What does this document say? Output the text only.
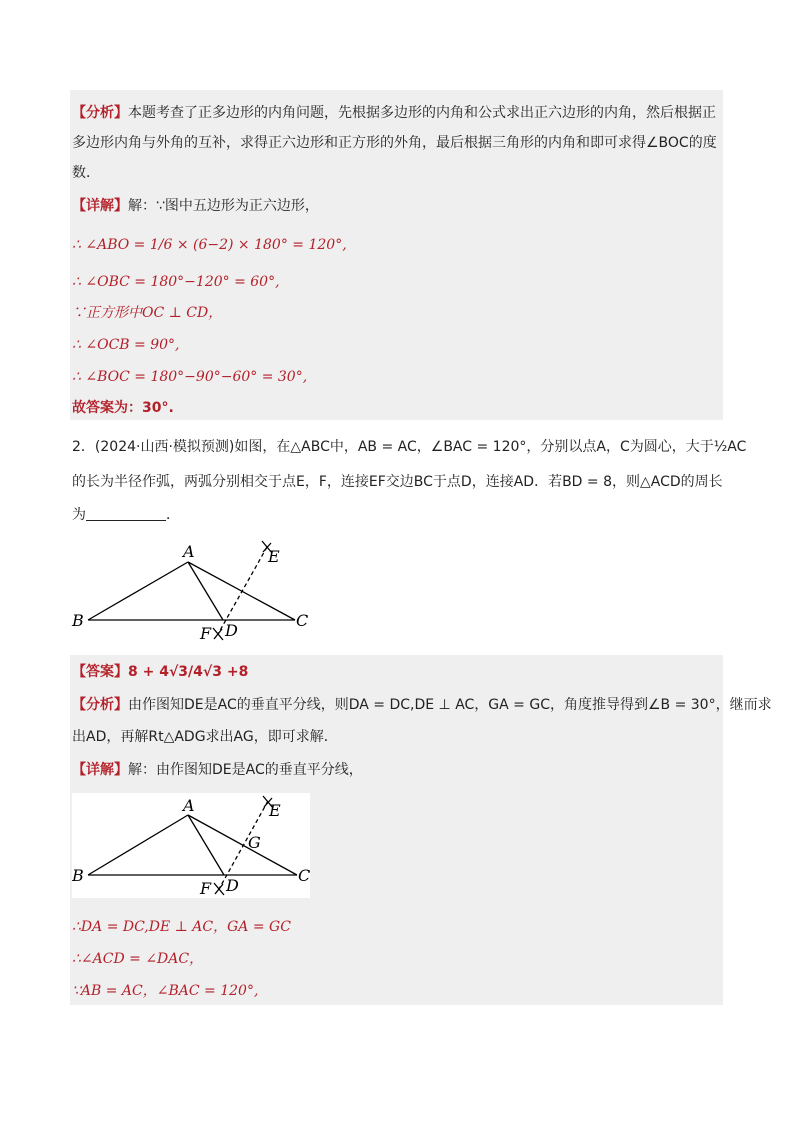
【分析】本题考查了正多边形的内角问题，先根据多边形的内角和公式求出正六边形的内角，然后根据正
多边形内角与外角的互补，求得正六边形和正方形的外角，最后根据三角形的内角和即可求得∠BOC的度
数．
【详解】解：∵图中五边形为正六边形，
∴ ∠ABO = 1/6 × (6−2) × 180° = 120°,
∴ ∠OBC = 180°−120° = 60°,
∵正方形中OC ⊥ CD，
∴ ∠OCB = 90°,
∴ ∠BOC = 180°−90°−60° = 30°,
故答案为：30°.
2．(2024·山西·模拟预测)如图，在△ABC中，AB = AC，∠BAC = 120°，分别以点A，C为圆心，大于½AC
的长为半径作弧，两弧分别相交于点E，F，连接EF交边BC于点D，连接AD．若BD = 8，则△ACD的周长
为	．
A
B	C
D
E
F
【答案】8 + 4√3/4√3 +8
【分析】由作图知DE是AC的垂直平分线，则DA = DC,DE ⊥ AC，GA = GC，角度推导得到∠B = 30°，继而求
出AD，再解Rt△ADG求出AG，即可求解．
【详解】解：由作图知DE是AC的垂直平分线，
A
B	C
D
E
F
G
∴DA = DC,DE ⊥ AC，GA = GC
∴∠ACD = ∠DAC，
∵AB = AC，∠BAC = 120°,
